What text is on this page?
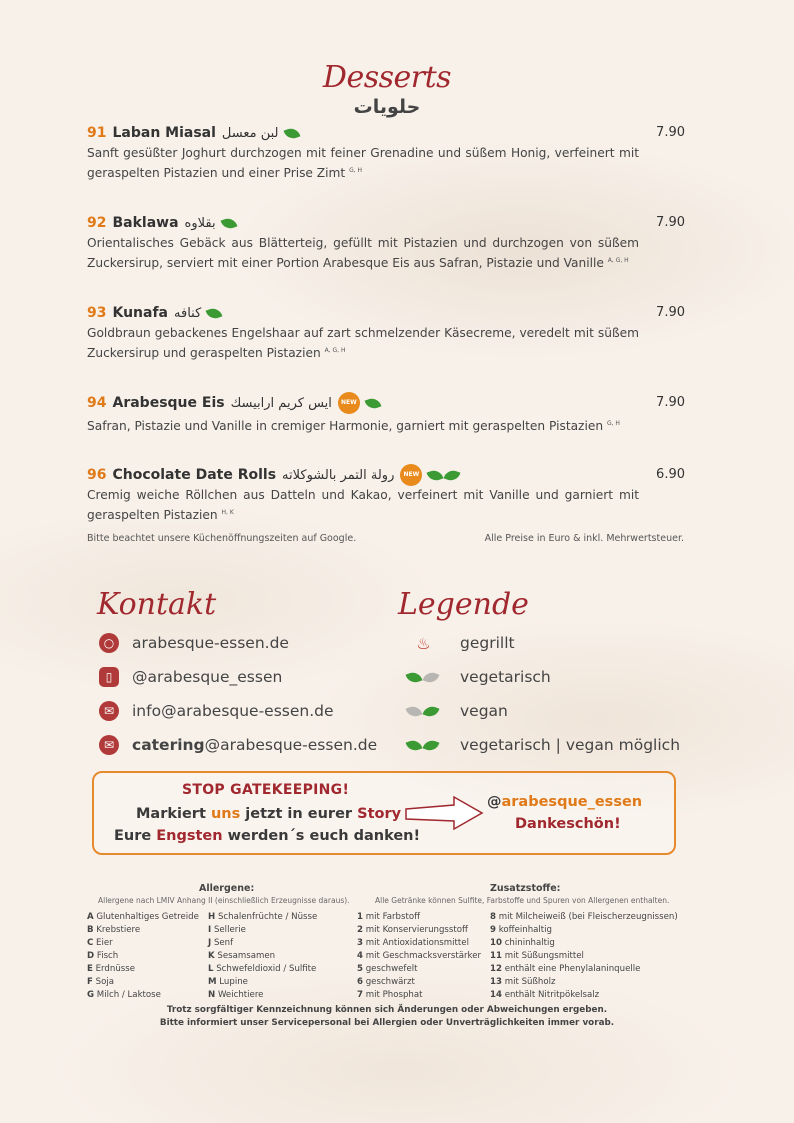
Desserts
حلويات
91 Laban Miasal لبن معسل	7.90
Sanft gesüßter Joghurt durchzogen mit feiner Grenadine und süßem Honig, verfeinert mit geraspelten Pistazien und einer Prise Zimt $^{G, H}$
92 Baklawa بقلاوه	7.90
Orientalisches Gebäck aus Blätterteig, gefüllt mit Pistazien und durchzogen von süßem Zuckersirup, serviert mit einer Portion Arabesque Eis aus Safran, Pistazie und Vanille $^{A, G, H}$
93 Kunafa كنافه	7.90
Goldbraun gebackenes Engelshaar auf zart schmelzender Käsecreme, veredelt mit süßem Zuckersirup und geraspelten Pistazien $^{A, G, H}$
94 Arabesque Eis ايس كريم ارابيسك	NEW	7.90
Safran, Pistazie und Vanille in cremiger Harmonie, garniert mit geraspelten Pistazien $^{G, H}$
96 Chocolate Date Rolls رولة التمر بالشوكلاته	NEW	6.90
Cremig weiche Röllchen aus Datteln und Kakao, verfeinert mit Vanille und garniert mit geraspelten Pistazien $^{H, K}$
Bitte beachtet unsere Küchenöffnungszeiten auf Google.	Alle Preise in Euro & inkl. Mehrwertsteuer.
Kontakt
○	arabesque-essen.de
▯	@arabesque_essen
✉	info@arabesque-essen.de
✉	catering@arabesque-essen.de
Legende
♨ gegrillt
vegetarisch
vegan
vegetarisch | vegan möglich
STOP GATEKEEPING!
Markiert uns jetzt in eurer Story
Eure Engsten werden´s euch danken!
@arabesque_essen
Dankeschön!
Allergene:
Allergene nach LMIV Anhang II (einschließlich Erzeugnisse daraus).
A Glutenhaltiges Getreide
B Krebstiere
C Eier
D Fisch
E Erdnüsse
F Soja
G Milch / Laktose
H Schalenfrüchte / Nüsse
I Sellerie
J Senf
K Sesamsamen
L Schwefeldioxid / Sulfite
M Lupine
N Weichtiere
Zusatzstoffe:
Alle Getränke können Sulfite, Farbstoffe und Spuren von Allergenen enthalten.
1 mit Farbstoff
2 mit Konservierungsstoff
3 mit Antioxidationsmittel
4 mit Geschmacksverstärker
5 geschwefelt
6 geschwärzt
7 mit Phosphat
8 mit Milcheiweiß (bei Fleischerzeugnissen)
9 koffeinhaltig
10 chininhaltig
11 mit Süßungsmittel
12 enthält eine Phenylalaninquelle
13 mit Süßholz
14 enthält Nitritpökelsalz
Trotz sorgfältiger Kennzeichnung können sich Änderungen oder Abweichungen ergeben.
Bitte informiert unser Servicepersonal bei Allergien oder Unverträglichkeiten immer vorab.
